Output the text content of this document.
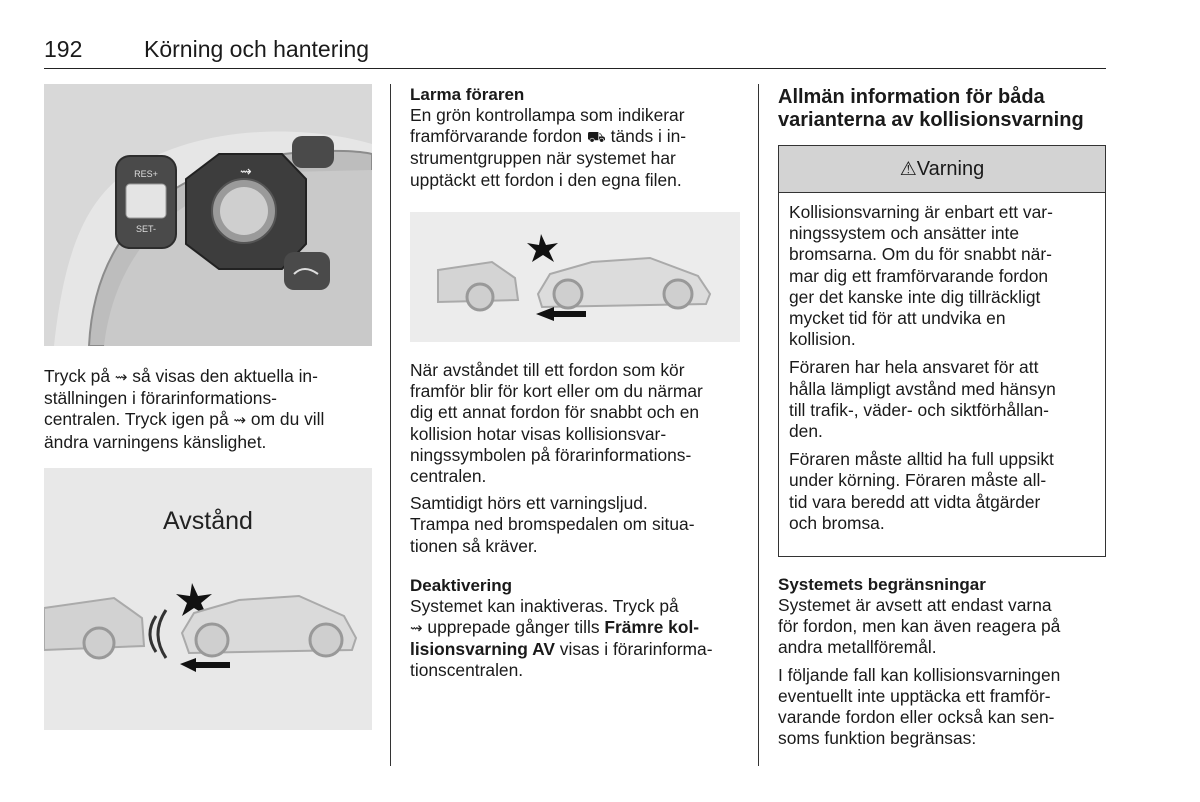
192	Körning och hantering
RES+
SET-
⇝

Tryck på ⇝ så visas den aktuella in-
ställningen i förarinformations-
centralen. Tryck igen på ⇝ om du vill
ändra varningens känslighet.

Avstånd
Larma föraren

En grön kontrollampa som indikerar
framförvarande fordon ⛟ tänds i in-
strumentgruppen när systemet har
upptäckt ett fordon i den egna filen.

När avståndet till ett fordon som kör
framför blir för kort eller om du närmar
dig ett annat fordon för snabbt och en
kollision hotar visas kollisionsvar-
ningssymbolen på förarinformations-
centralen.

Samtidigt hörs ett varningsljud.
Trampa ned bromspedalen om situa-
tionen så kräver.

Deaktivering

Systemet kan inaktiveras. Tryck på
⇝ upprepade gånger tills Främre kol-
lisionsvarning AV visas i förarinforma-
tionscentralen.

Allmän information för båda
varianterna av kollisionsvarning
⚠Varning

Kollisionsvarning är enbart ett var-
ningssystem och ansätter inte
bromsarna. Om du för snabbt när-
mar dig ett framförvarande fordon
ger det kanske inte dig tillräckligt
mycket tid för att undvika en
kollision.

Föraren har hela ansvaret för att
hålla lämpligt avstånd med hänsyn
till trafik-, väder- och siktförhållan-
den.

Föraren måste alltid ha full uppsikt
under körning. Föraren måste all-
tid vara beredd att vidta åtgärder
och bromsa.

Systemets begränsningar

Systemet är avsett att endast varna
för fordon, men kan även reagera på
andra metallföremål.

I följande fall kan kollisionsvarningen
eventuellt inte upptäcka ett framför-
varande fordon eller också kan sen-
soms funktion begränsas:
